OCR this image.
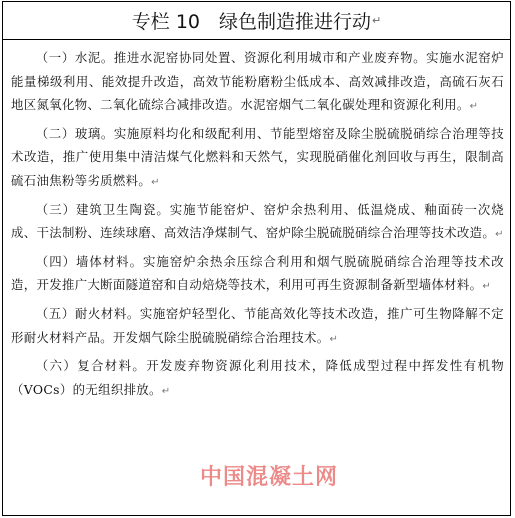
专栏 10　绿色制造推进行动 ↵

（一）水泥。推进水泥窑协同处置、资源化利用城市和产业废弃物。实施水泥窑炉能量梯级利用、能效提升改造，高效节能粉磨粉尘低成本、高效减排改造，高硫石灰石地区氮氧化物、二氧化硫综合减排改造。水泥窑烟气二氧化碳处理和资源化利用。↵

（二）玻璃。实施原料均化和级配利用、节能型熔窑及除尘脱硫脱硝综合治理等技术改造，推广使用集中清洁煤气化燃料和天然气，实现脱硝催化剂回收与再生，限制高硫石油焦粉等劣质燃料。↵

（三）建筑卫生陶瓷。实施节能窑炉、窑炉余热利用、低温烧成、釉面砖一次烧成、干法制粉、连续球磨、高效洁净煤制气、窑炉除尘脱硫脱硝综合治理等技术改造。↵

（四）墙体材料。实施窑炉余热余压综合利用和烟气脱硫脱硝综合治理等技术改造，开发推广大断面隧道窑和自动焙烧等技术，利用可再生资源制备新型墙体材料。↵

（五）耐火材料。实施窑炉轻型化、节能高效化等技术改造，推广可生物降解不定形耐火材料产品。开发烟气除尘脱硫脱硝综合治理技术。↵

（六）复合材料。开发废弃物资源化利用技术，降低成型过程中挥发性有机物（VOCs）的无组织排放。↵

中国混凝土网
